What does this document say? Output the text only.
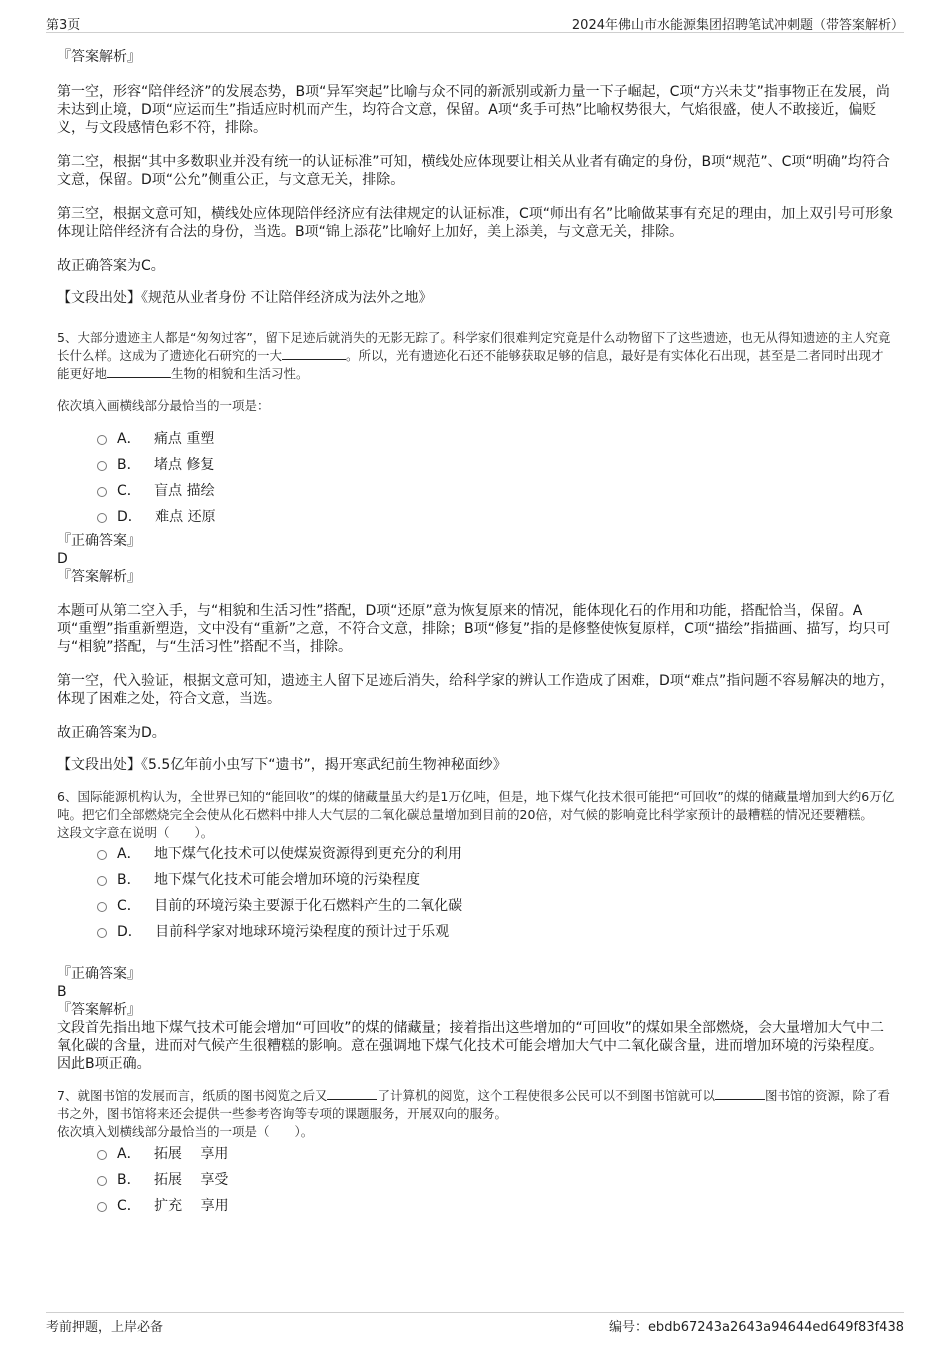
第3页	2024年佛山市水能源集团招聘笔试冲刺题（带答案解析）

『答案解析』

第一空，形容“陪伴经济”的发展态势，B项“异军突起”比喻与众不同的新派别或新力量一下子崛起，C项“方兴未艾”指事物正在发展，尚未达到止境，D项“应运而生”指适应时机而产生，均符合文意，保留。A项“炙手可热”比喻权势很大，气焰很盛，使人不敢接近，偏贬义，与文段感情色彩不符，排除。

第二空，根据“其中多数职业并没有统一的认证标准”可知，横线处应体现要让相关从业者有确定的身份，B项“规范”、C项“明确”均符合文意，保留。D项“公允”侧重公正，与文意无关，排除。

第三空，根据文意可知，横线处应体现陪伴经济应有法律规定的认证标准，C项“师出有名”比喻做某事有充足的理由，加上双引号可形象体现让陪伴经济有合法的身份，当选。B项“锦上添花”比喻好上加好，美上添美，与文意无关，排除。

故正确答案为C。

【文段出处】《规范从业者身份 不让陪伴经济成为法外之地》

5、大部分遗迹主人都是“匆匆过客”，留下足迹后就消失的无影无踪了。科学家们很难判定究竟是什么动物留下了这些遗迹，也无从得知遗迹的主人究竟长什么样。这成为了遗迹化石研究的一大	。所以，光有遗迹化石还不能够获取足够的信息，最好是有实体化石出现，甚至是二者同时出现才能更好地	生物的相貌和生活习性。

依次填入画横线部分最恰当的一项是：

A． 痛点 重塑
B． 堵点 修复
C． 盲点 描绘
D． 难点 还原

『正确答案』

D

『答案解析』

本题可从第二空入手，与“相貌和生活习性”搭配，D项“还原”意为恢复原来的情况，能体现化石的作用和功能，搭配恰当，保留。A项“重塑”指重新塑造，文中没有“重新”之意，不符合文意，排除；B项“修复”指的是修整使恢复原样，C项“描绘”指描画、描写，均只可与“相貌”搭配，与“生活习性”搭配不当，排除。

第一空，代入验证，根据文意可知，遗迹主人留下足迹后消失，给科学家的辨认工作造成了困难，D项“难点”指问题不容易解决的地方，体现了困难之处，符合文意，当选。

故正确答案为D。

【文段出处】《5.5亿年前小虫写下“遗书”，揭开寒武纪前生物神秘面纱》

6、国际能源机构认为，全世界已知的“能回收”的煤的储藏量虽大约是1万亿吨，但是，地下煤气化技术很可能把“可回收”的煤的储藏量增加到大约6万亿吨。把它们全部燃烧完全会使从化石燃料中排人大气层的二氧化碳总量增加到目前的20倍，对气候的影响竟比科学家预计的最糟糕的情况还要糟糕。

这段文字意在说明（　　）。

A． 地下煤气化技术可以使煤炭资源得到更充分的利用
B． 地下煤气化技术可能会增加环境的污染程度
C． 目前的环境污染主要源于化石燃料产生的二氧化碳
D． 目前科学家对地球环境污染程度的预计过于乐观

『正确答案』

B

『答案解析』

文段首先指出地下煤气技术可能会增加“可回收”的煤的储藏量；接着指出这些增加的“可回收”的煤如果全部燃烧，会大量增加大气中二氧化碳的含量，进而对气候产生很糟糕的影响。意在强调地下煤气化技术可能会增加大气中二氧化碳含量，进而增加环境的污染程度。因此B项正确。

7、就图书馆的发展而言，纸质的图书阅览之后又	了计算机的阅览，这个工程使很多公民可以不到图书馆就可以	图书馆的资源，除了看书之外，图书馆将来还会提供一些参考咨询等专项的课题服务，开展双向的服务。

依次填入划横线部分最恰当的一项是（　　）。

A． 拓展　 享用
B． 拓展　 享受
C． 扩充　 享用
考前押题，上岸必备	编号：ebdb67243a2643a94644ed649f83f438
